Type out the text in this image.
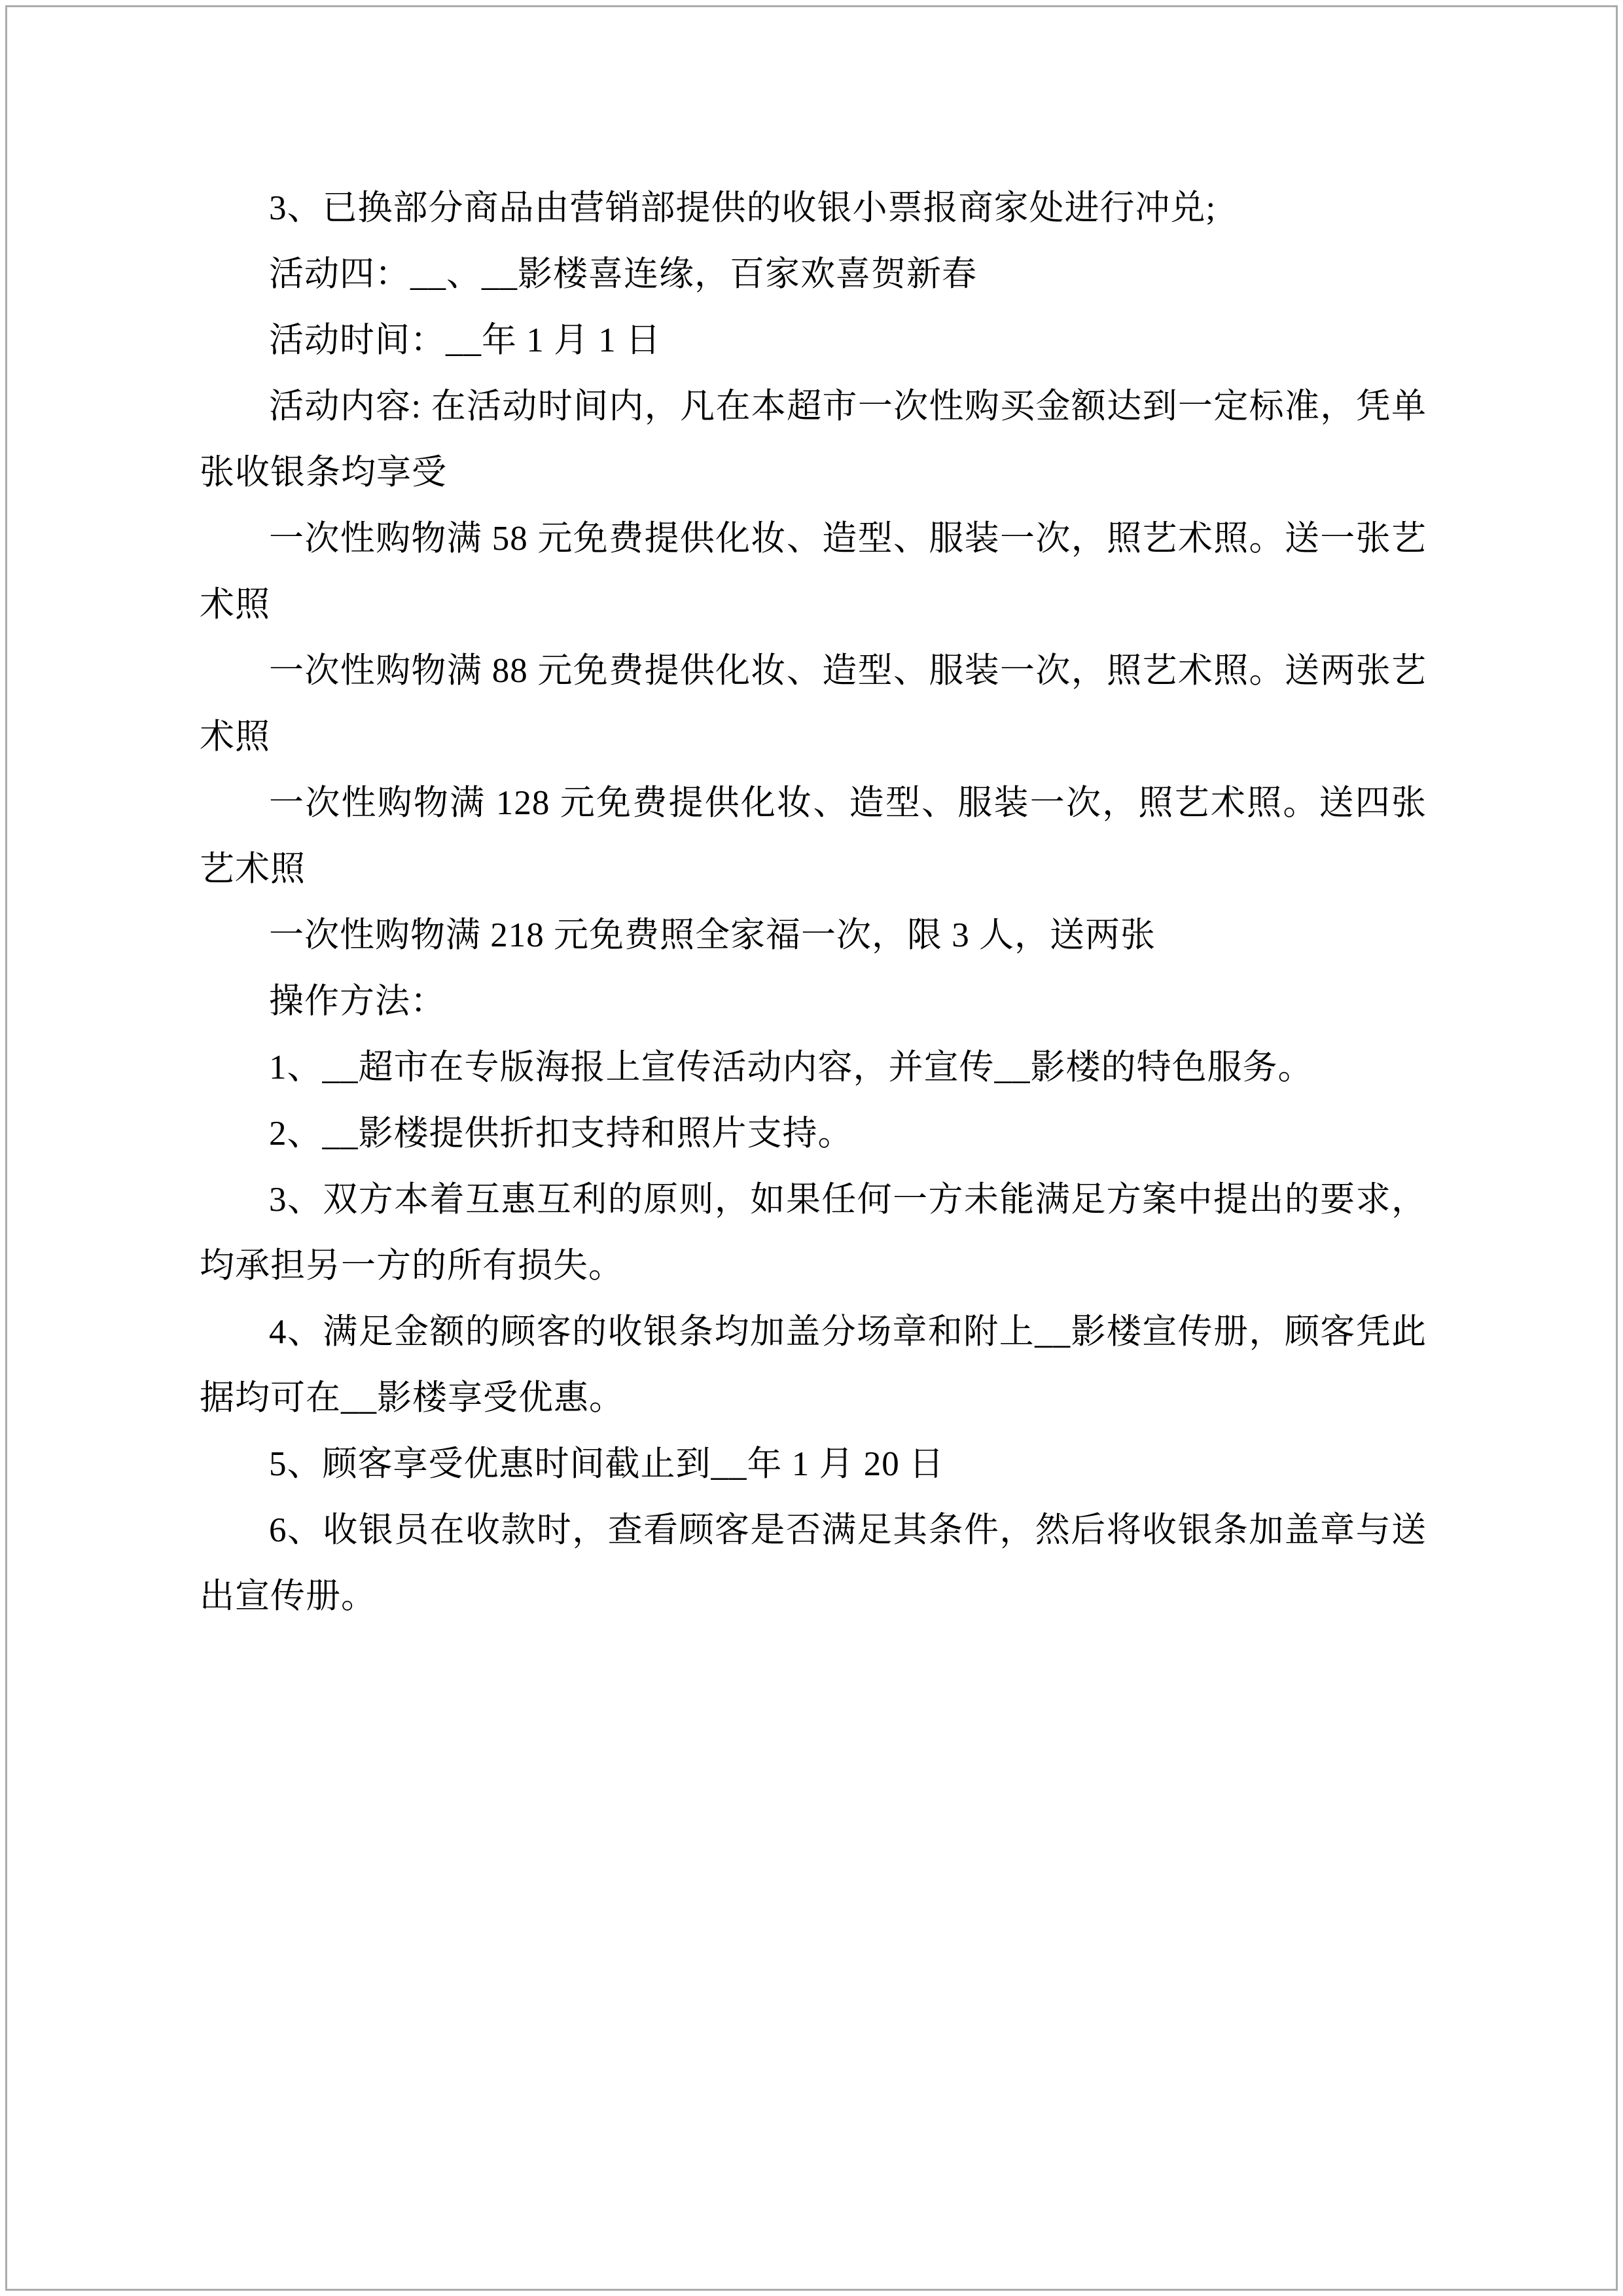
3、已换部分商品由营销部提供的收银小票报商家处进行冲兑;

活动四：__、__影楼喜连缘，百家欢喜贺新春

活动时间：__年 1 月 1 日

活动内容: 在活动时间内，凡在本超市一次性购买金额达到一定标准，凭单张收银条均享受

一次性购物满 58 元免费提供化妆、造型、服装一次，照艺术照。送一张艺术照

一次性购物满 88 元免费提供化妆、造型、服装一次，照艺术照。送两张艺术照

一次性购物满 128 元免费提供化妆、造型、服装一次，照艺术照。送四张艺术照

一次性购物满 218 元免费照全家福一次，限 3 人，送两张

操作方法：

1、__超市在专版海报上宣传活动内容，并宣传__影楼的特色服务。

2、__影楼提供折扣支持和照片支持。

3、双方本着互惠互利的原则，如果任何一方未能满足方案中提出的要求，均承担另一方的所有损失。

4、满足金额的顾客的收银条均加盖分场章和附上__影楼宣传册，顾客凭此据均可在__影楼享受优惠。

5、顾客享受优惠时间截止到__年 1 月 20 日

6、收银员在收款时，查看顾客是否满足其条件，然后将收银条加盖章与送出宣传册。
